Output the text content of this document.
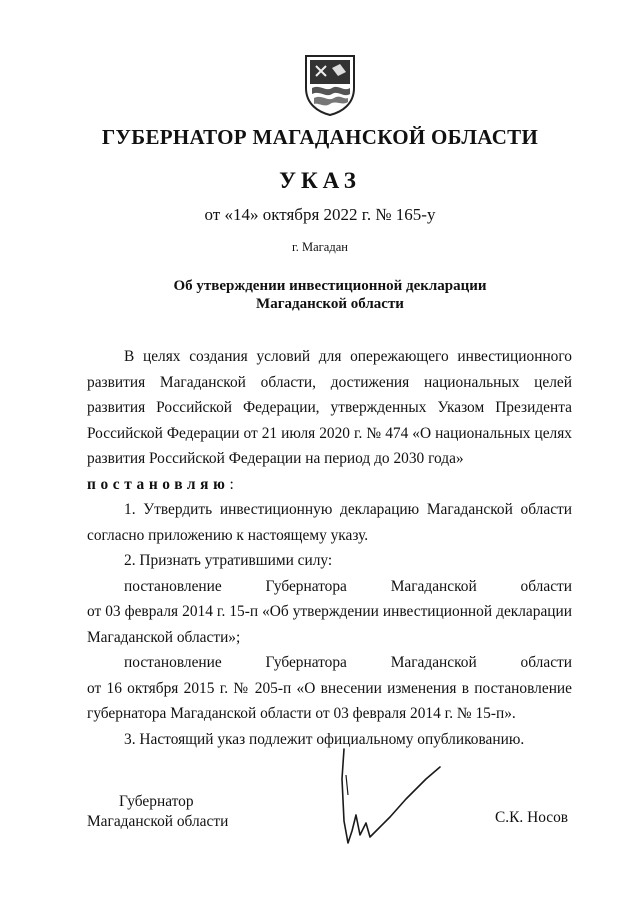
ГУБЕРНАТОР МАГАДАНСКОЙ ОБЛАСТИ
УКАЗ
от «14» октября 2022 г. № 165-у
г. Магадан
Об утверждении инвестиционной декларации
Магаданской области

В целях создания условий для опережающего инвестиционного развития Магаданской области, достижения национальных целей развития Российской Федерации, утвержденных Указом Президента Российской Федерации от 21 июля 2020 г. № 474 «О национальных целях развития Российской Федерации на период до 2030 года»

постановляю:

1. Утвердить инвестиционную декларацию Магаданской области согласно приложению к настоящему указу.

2. Признать утратившими силу:

постановление Губернатора Магаданской области

от 03 февраля 2014 г. 15-п «Об утверждении инвестиционной декларации Магаданской области»;

постановление Губернатора Магаданской области

от 16 октября 2015 г. № 205-п «О внесении изменения в постановление губернатора Магаданской области от 03 февраля 2014 г. № 15-п».

3. Настоящий указ подлежит официальному опубликованию.

Губернатор
Магаданской области	С.К. Носов
